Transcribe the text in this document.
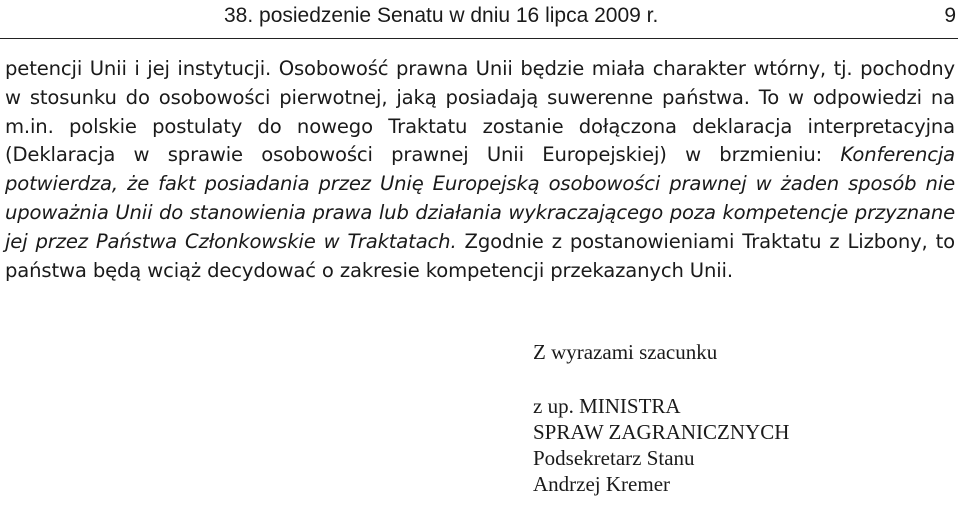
38. posiedzenie Senatu w dniu 16 lipca 2009 r.	9

petencji Unii i jej instytucji. Osobowość prawna Unii będzie miała charakter wtórny, tj. pochodny w stosunku do osobowości pierwotnej, jaką posiadają suwerenne państwa. To w odpowiedzi na m.in. polskie postulaty do nowego Traktatu zostanie dołączona deklaracja interpretacyjna (Deklaracja w sprawie osobowości prawnej Unii Europejskiej) w brzmieniu: Konferencja potwierdza, że fakt posiadania przez Unię Europejską osobowości prawnej w żaden sposób nie upoważnia Unii do stanowienia prawa lub działania wykraczającego poza kompetencje przyznane jej przez Państwa Członkowskie w Traktatach. Zgodnie z postanowieniami Traktatu z Lizbony, to państwa będą wciąż decydować o zakresie kompetencji przekazanych Unii.

Z wyrazami szacunku
z up. MINISTRA
SPRAW ZAGRANICZNYCH
Podsekretarz Stanu
Andrzej Kremer
